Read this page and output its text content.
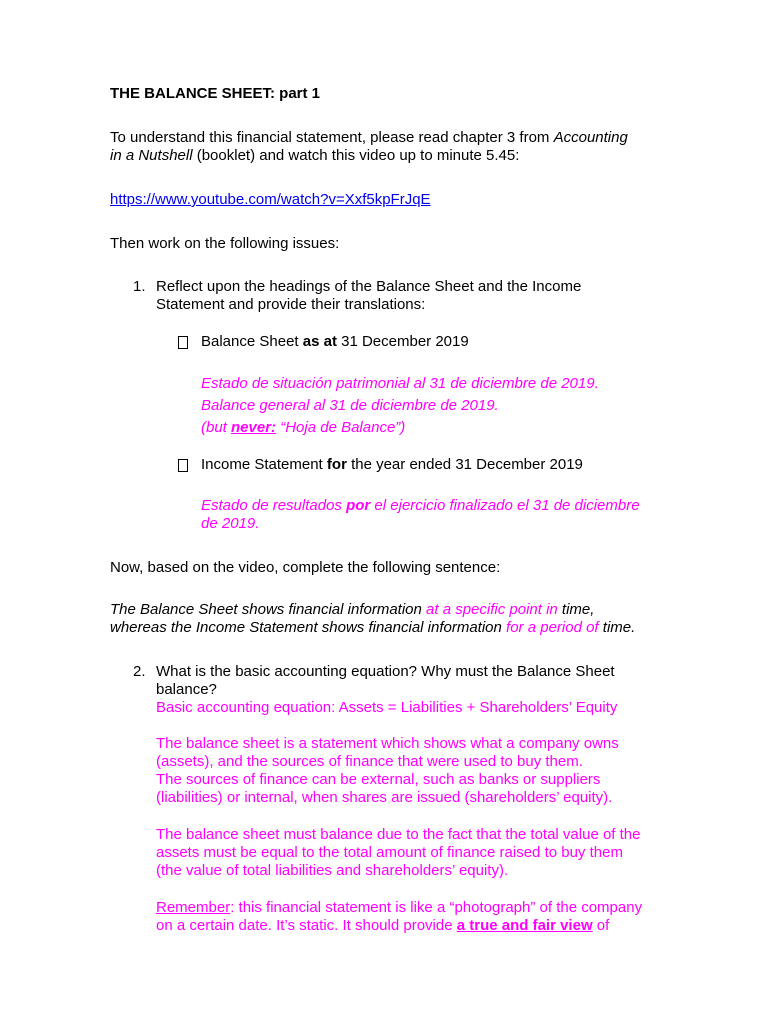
THE BALANCE SHEET: part 1

To understand this financial statement, please read chapter 3 from Accounting
in a Nutshell (booklet) and watch this video up to minute 5.45:

https://www.youtube.com/watch?v=Xxf5kpFrJqE

Then work on the following issues:

1. Reflect upon the headings of the Balance Sheet and the Income
Statement and provide their translations:

Balance Sheet as at 31 December 2019

Estado de situación patrimonial al 31 de diciembre de 2019.
Balance general al 31 de diciembre de 2019.
(but never: “Hoja de Balance”)

Income Statement for the year ended 31 December 2019

Estado de resultados por el ejercicio finalizado el 31 de diciembre
de 2019.

Now, based on the video, complete the following sentence:

The Balance Sheet shows financial information at a specific point in time,
whereas the Income Statement shows financial information for a period of time.

2. What is the basic accounting equation? Why must the Balance Sheet
balance?
Basic accounting equation: Assets = Liabilities + Shareholders’ Equity

The balance sheet is a statement which shows what a company owns
(assets), and the sources of finance that were used to buy them.
The sources of finance can be external, such as banks or suppliers
(liabilities) or internal, when shares are issued (shareholders’ equity).

The balance sheet must balance due to the fact that the total value of the
assets must be equal to the total amount of finance raised to buy them
(the value of total liabilities and shareholders’ equity).

Remember: this financial statement is like a “photograph” of the company
on a certain date. It’s static. It should provide a true and fair view of
